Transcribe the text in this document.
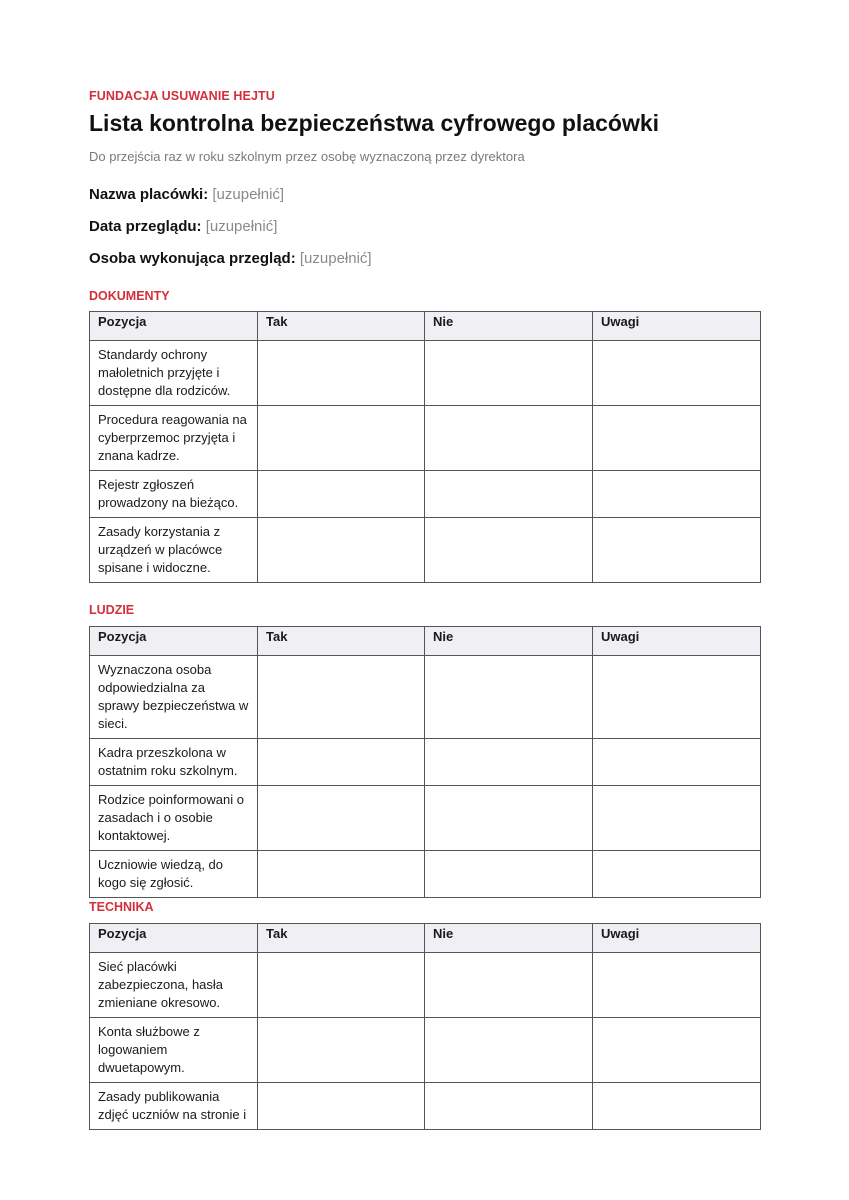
FUNDACJA USUWANIE HEJTU
Lista kontrolna bezpieczeństwa cyfrowego placówki
Do przejścia raz w roku szkolnym przez osobę wyznaczoną przez dyrektora
Nazwa placówki: [uzupełnić]
Data przeglądu: [uzupełnić]
Osoba wykonująca przegląd: [uzupełnić]
DOKUMENTY
Pozycja	Tak	Nie	Uwagi
Standardy ochrony małoletnich przyjęte i dostępne dla rodziców.			
Procedura reagowania na cyberprzemoc przyjęta i znana kadrze.			
Rejestr zgłoszeń prowadzony na bieżąco.			
Zasady korzystania z urządzeń w placówce spisane i widoczne.			
LUDZIE
Pozycja	Tak	Nie	Uwagi
Wyznaczona osoba odpowiedzialna za sprawy bezpieczeństwa w sieci.			
Kadra przeszkolona w ostatnim roku szkolnym.			
Rodzice poinformowani o zasadach i o osobie kontaktowej.			
Uczniowie wiedzą, do kogo się zgłosić.			
TECHNIKA
Pozycja	Tak	Nie	Uwagi
Sieć placówki zabezpieczona, hasła zmieniane okresowo.			
Konta służbowe z logowaniem dwuetapowym.			
Zasady publikowania zdjęć uczniów na stronie i			
